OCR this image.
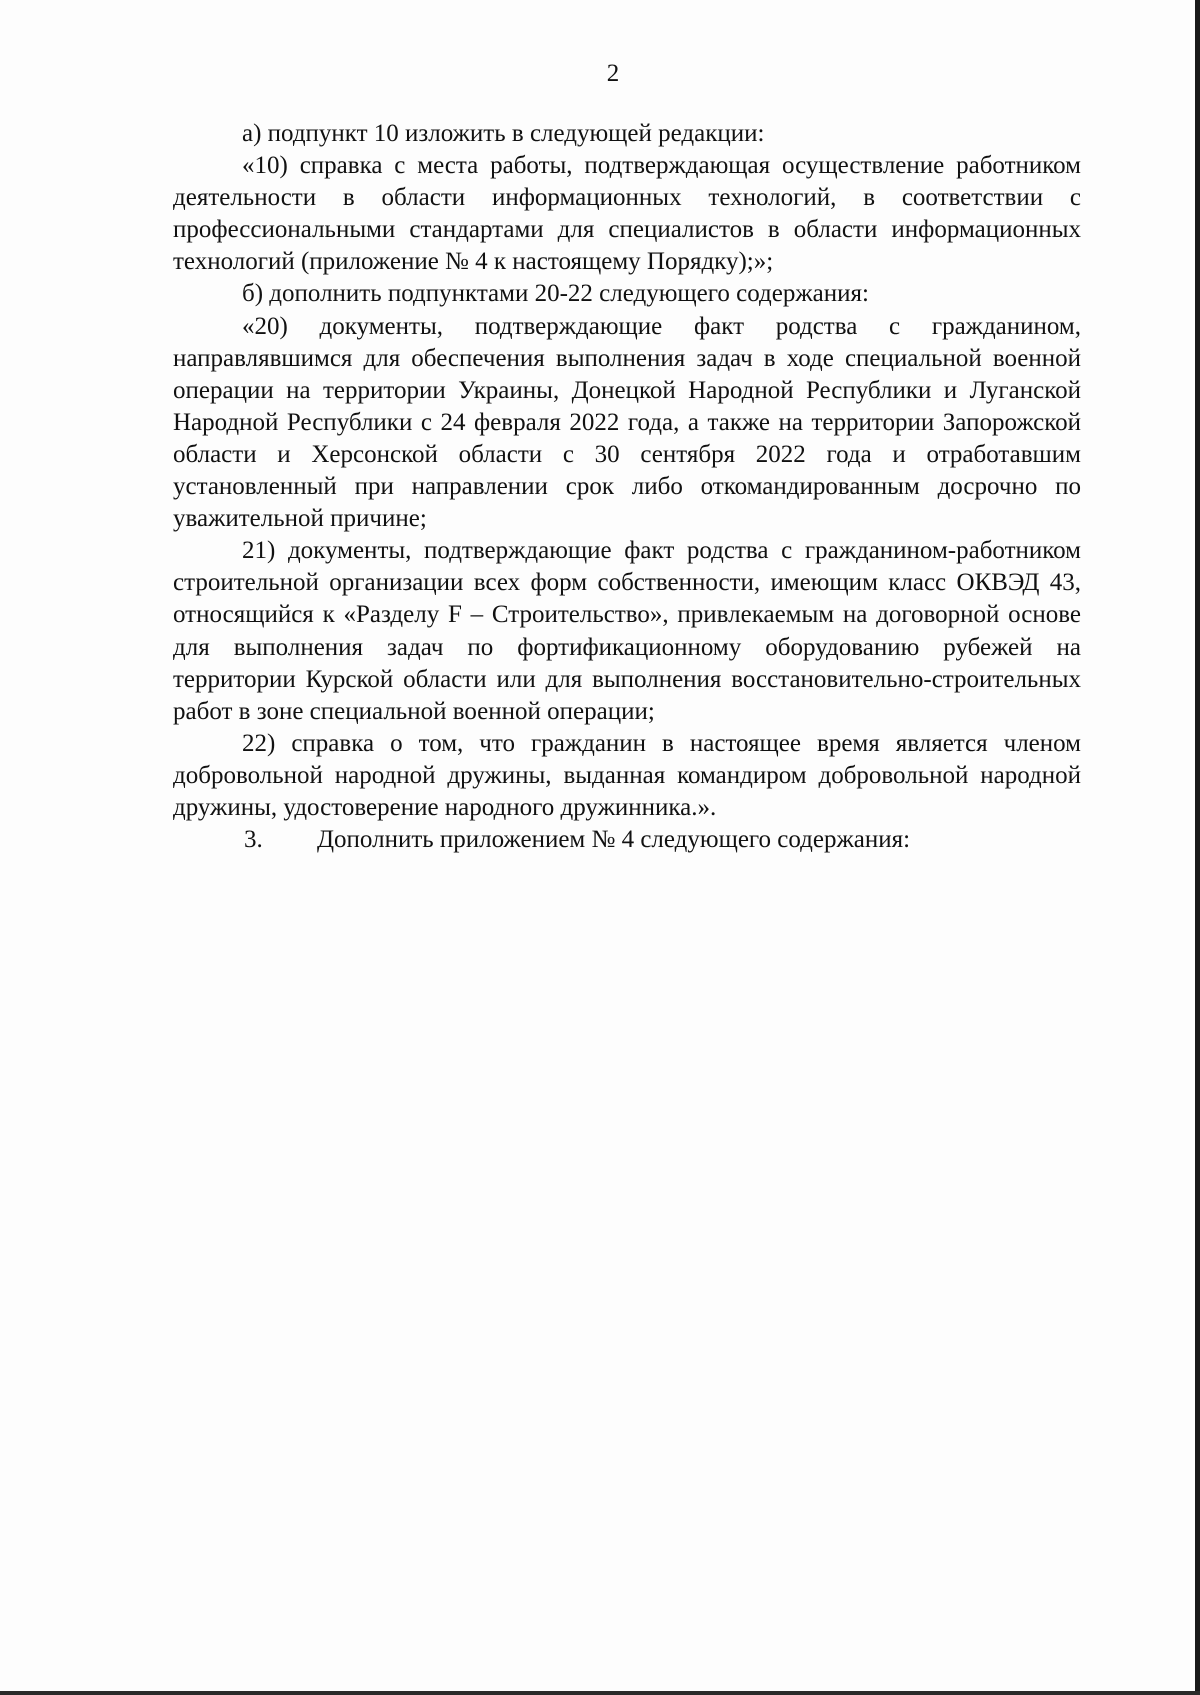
2

а) подпункт 10 изложить в следующей редакции:

«10) справка с места работы, подтверждающая осуществление работником деятельности в области информационных технологий, в соответствии с профессиональными стандартами для специалистов в области информационных технологий (приложение № 4 к настоящему Порядку);»;

б) дополнить подпунктами 20-22 следующего содержания:

«20) документы, подтверждающие факт родства с гражданином, направлявшимся для обеспечения выполнения задач в ходе специальной военной операции на территории Украины, Донецкой Народной Республики и Луганской Народной Республики с 24 февраля 2022 года, а также на территории Запорожской области и Херсонской области с 30 сентября 2022 года и отработавшим установленный при направлении срок либо откомандированным досрочно по уважительной причине;

21) документы, подтверждающие факт родства с гражданином-работником строительной организации всех форм собственности, имеющим класс ОКВЭД 43, относящийся к «Разделу F – Строительство», привлекаемым на договорной основе для выполнения задач по фортификационному оборудованию рубежей на территории Курской области или для выполнения восстановительно-строительных работ в зоне специальной военной операции;

22) справка о том, что гражданин в настоящее время является членом добровольной народной дружины, выданная командиром добровольной народной дружины, удостоверение народного дружинника.».

3. Дополнить приложением № 4 следующего содержания:
